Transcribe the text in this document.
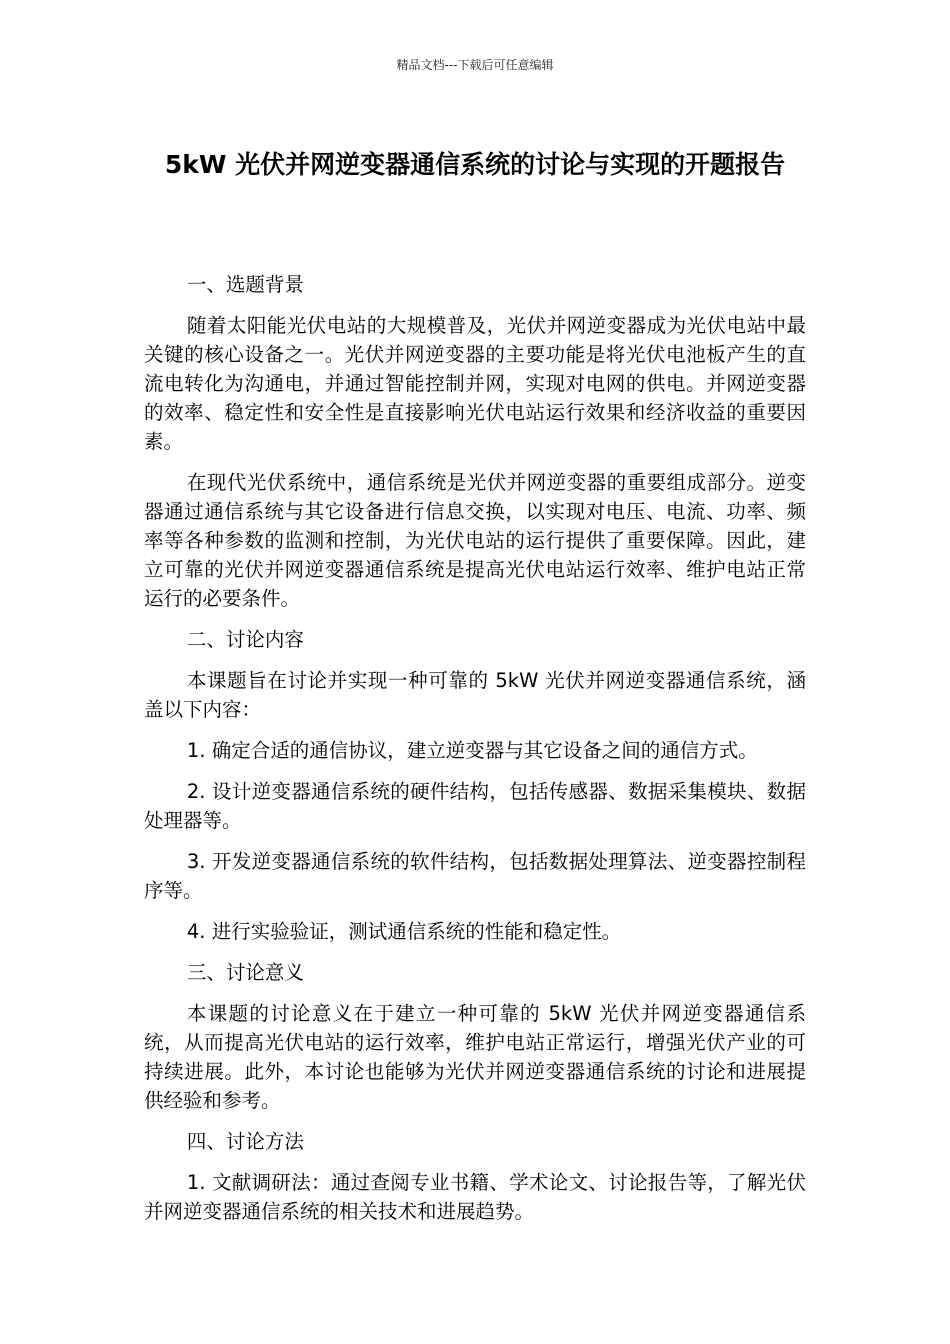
精品文档---下载后可任意编辑
5kW 光伏并网逆变器通信系统的讨论与实现的开题报告

一、选题背景

随着太阳能光伏电站的大规模普及，光伏并网逆变器成为光伏电站中最关键的核心设备之一。光伏并网逆变器的主要功能是将光伏电池板产生的直流电转化为沟通电，并通过智能控制并网，实现对电网的供电。并网逆变器的效率、稳定性和安全性是直接影响光伏电站运行效果和经济收益的重要因素。

在现代光伏系统中，通信系统是光伏并网逆变器的重要组成部分。逆变器通过通信系统与其它设备进行信息交换，以实现对电压、电流、功率、频率等各种参数的监测和控制，为光伏电站的运行提供了重要保障。因此，建立可靠的光伏并网逆变器通信系统是提高光伏电站运行效率、维护电站正常运行的必要条件。

二、讨论内容

本课题旨在讨论并实现一种可靠的 5kW 光伏并网逆变器通信系统，涵盖以下内容：

1. 确定合适的通信协议，建立逆变器与其它设备之间的通信方式。

2. 设计逆变器通信系统的硬件结构，包括传感器、数据采集模块、数据处理器等。

3. 开发逆变器通信系统的软件结构，包括数据处理算法、逆变器控制程序等。

4. 进行实验验证，测试通信系统的性能和稳定性。

三、讨论意义

本课题的讨论意义在于建立一种可靠的 5kW 光伏并网逆变器通信系统，从而提高光伏电站的运行效率，维护电站正常运行，增强光伏产业的可持续进展。此外，本讨论也能够为光伏并网逆变器通信系统的讨论和进展提供经验和参考。

四、讨论方法

1. 文献调研法：通过查阅专业书籍、学术论文、讨论报告等，了解光伏并网逆变器通信系统的相关技术和进展趋势。
